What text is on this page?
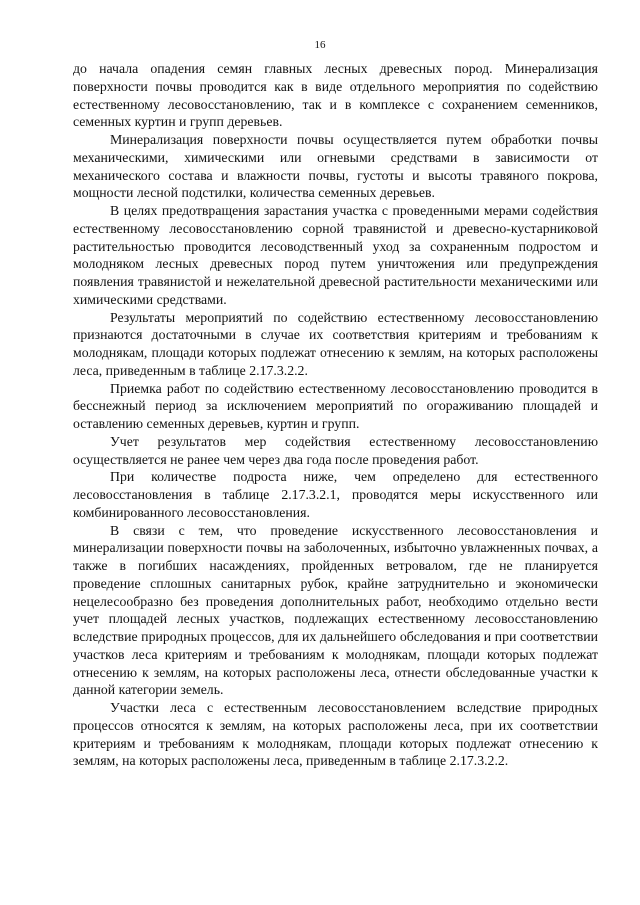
16

до начала опадения семян главных лесных древесных пород. Минерализация поверхности почвы проводится как в виде отдельного мероприятия по содействию естественному лесовосстановлению, так и в комплексе с сохранением семенников, семенных куртин и групп деревьев.

Минерализация поверхности почвы осуществляется путем обработки почвы механическими, химическими или огневыми средствами в зависимости от механического состава и влажности почвы, густоты и высоты травяного покрова, мощности лесной подстилки, количества семенных деревьев.

В целях предотвращения зарастания участка с проведенными мерами содействия естественному лесовосстановлению сорной травянистой и древесно-кустарниковой растительностью проводится лесоводственный уход за сохраненным подростом и молодняком лесных древесных пород путем уничтожения или предупреждения появления травянистой и нежелательной древесной растительности механическими или химическими средствами.

Результаты мероприятий по содействию естественному лесовосстановлению признаются достаточными в случае их соответствия критериям и требованиям к молоднякам, площади которых подлежат отнесению к землям, на которых расположены леса, приведенным в таблице 2.17.3.2.2.

Приемка работ по содействию естественному лесовосстановлению проводится в бесснежный период за исключением мероприятий по огораживанию площадей и оставлению семенных деревьев, куртин и групп.

Учет результатов мер содействия естественному лесовосстановлению осуществляется не ранее чем через два года после проведения работ.

При количестве подроста ниже, чем определено для естественного лесовосстановления в таблице 2.17.3.2.1, проводятся меры искусственного или комбинированного лесовосстановления.

В связи с тем, что проведение искусственного лесовосстановления и минерализации поверхности почвы на заболоченных, избыточно увлажненных почвах, а также в погибших насаждениях, пройденных ветровалом, где не планируется проведение сплошных санитарных рубок, крайне затруднительно и экономически нецелесообразно без проведения дополнительных работ, необходимо отдельно вести учет площадей лесных участков, подлежащих естественному лесовосстановлению вследствие природных процессов, для их дальнейшего обследования и при соответствии участков леса критериям и требованиям к молоднякам, площади которых подлежат отнесению к землям, на которых расположены леса, отнести обследованные участки к данной категории земель.

Участки леса с естественным лесовосстановлением вследствие природных процессов относятся к землям, на которых расположены леса, при их соответствии критериям и требованиям к молоднякам, площади которых подлежат отнесению к землям, на которых расположены леса, приведенным в таблице 2.17.3.2.2.
